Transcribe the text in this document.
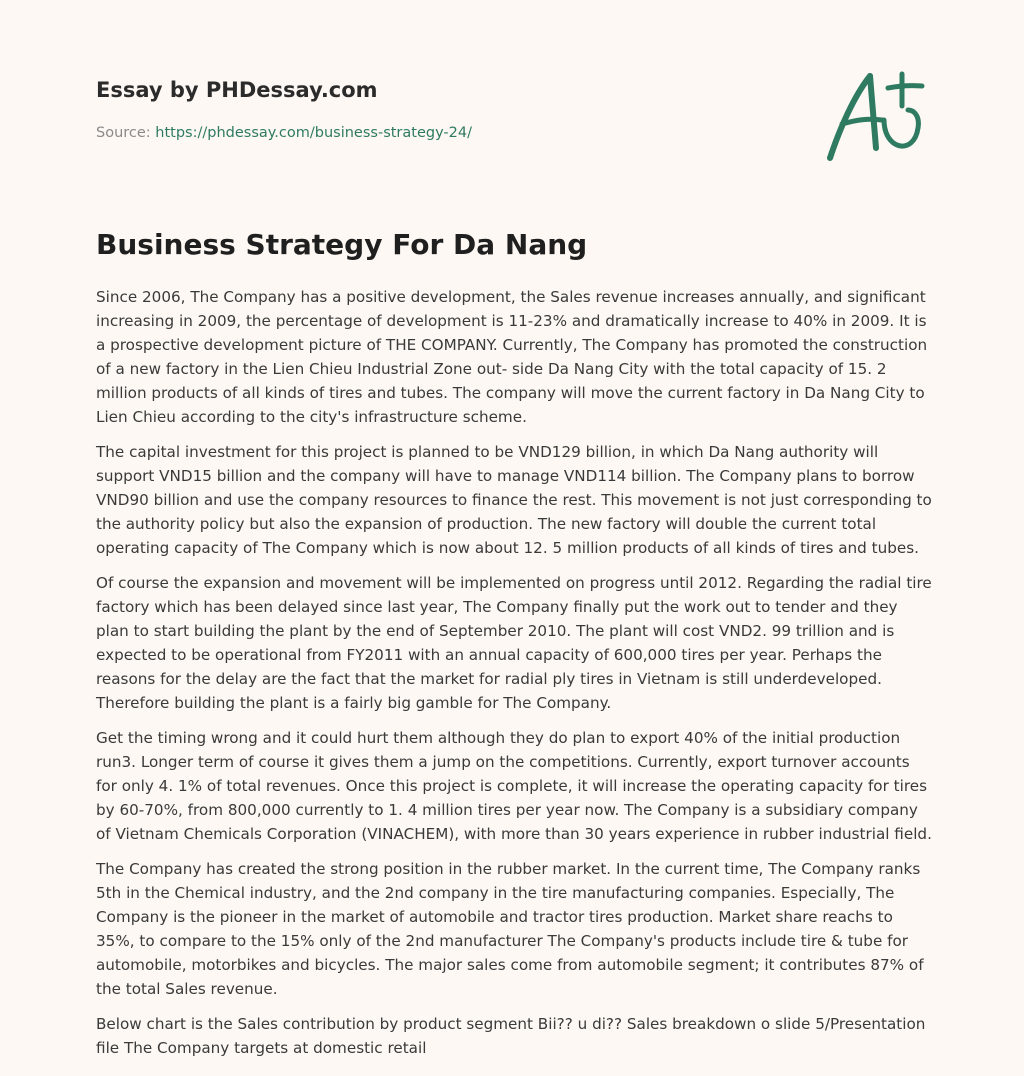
Essay by PHDessay.com

Source: https://phdessay.com/business-strategy-24/
Business Strategy For Da Nang

Since 2006, The Company has a positive development, the Sales revenue increases annually, and significant increasing in 2009, the percentage of development is 11-23% and dramatically increase to 40% in 2009. It is a prospective development picture of THE COMPANY. Currently, The Company has promoted the construction of a new factory in the Lien Chieu Industrial Zone out- side Da Nang City with the total capacity of 15. 2 million products of all kinds of tires and tubes. The company will move the current factory in Da Nang City to Lien Chieu according to the city's infrastructure scheme.

The capital investment for this project is planned to be VND129 billion, in which Da Nang authority will support VND15 billion and the company will have to manage VND114 billion. The Company plans to borrow VND90 billion and use the company resources to finance the rest. This movement is not just corresponding to the authority policy but also the expansion of production. The new factory will double the current total operating capacity of The Company which is now about 12. 5 million products of all kinds of tires and tubes.

Of course the expansion and movement will be implemented on progress until 2012. Regarding the radial tire factory which has been delayed since last year, The Company finally put the work out to tender and they plan to start building the plant by the end of September 2010. The plant will cost VND2. 99 trillion and is expected to be operational from FY2011 with an annual capacity of 600,000 tires per year. Perhaps the reasons for the delay are the fact that the market for radial ply tires in Vietnam is still underdeveloped. Therefore building the plant is a fairly big gamble for The Company.

Get the timing wrong and it could hurt them although they do plan to export 40% of the initial production run3. Longer term of course it gives them a jump on the competitions. Currently, export turnover accounts for only 4. 1% of total revenues. Once this project is complete, it will increase the operating capacity for tires by 60-70%, from 800,000 currently to 1. 4 million tires per year now. The Company is a subsidiary company of Vietnam Chemicals Corporation (VINACHEM), with more than 30 years experience in rubber industrial field.

The Company has created the strong position in the rubber market. In the current time, The Company ranks 5th in the Chemical industry, and the 2nd company in the tire manufacturing companies. Especially, The Company is the pioneer in the market of automobile and tractor tires production. Market share reachs to 35%, to compare to the 15% only of the 2nd manufacturer The Company's products include tire & tube for automobile, motorbikes and bicycles. The major sales come from automobile segment; it contributes 87% of the total Sales revenue.

Below chart is the Sales contribution by product segment Bii?? u di?? Sales breakdown o slide 5/Presentation file The Company targets at domestic retail
